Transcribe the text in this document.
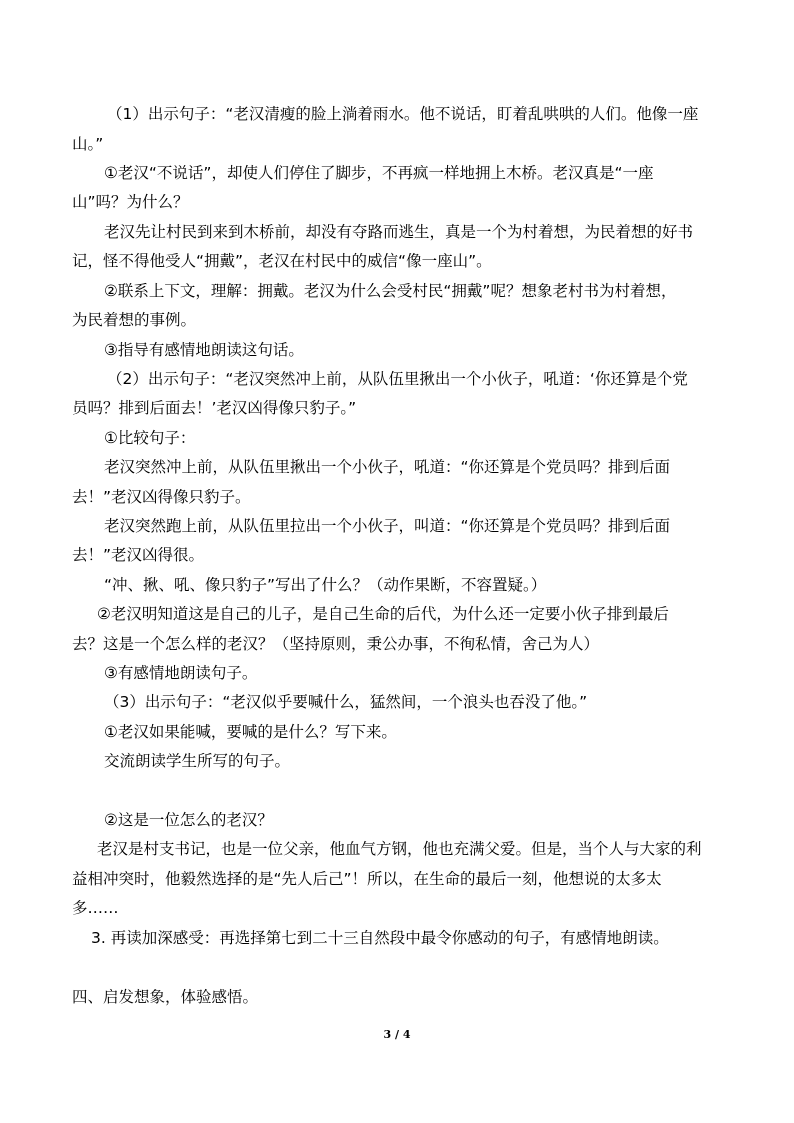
（1）出示句子：“老汉清瘦的脸上淌着雨水。他不说话，盯着乱哄哄的人们。他像一座
山。”
①老汉“不说话”，却使人们停住了脚步，不再疯一样地拥上木桥。老汉真是“一座
山”吗？为什么？
老汉先让村民到来到木桥前，却没有夺路而逃生，真是一个为村着想，为民着想的好书
记，怪不得他受人“拥戴”，老汉在村民中的威信“像一座山”。
②联系上下文，理解：拥戴。老汉为什么会受村民“拥戴”呢？想象老村书为村着想，
为民着想的事例。
③指导有感情地朗读这句话。
（2）出示句子：“老汉突然冲上前，从队伍里揪出一个小伙子，吼道：‘你还算是个党
员吗？排到后面去！’老汉凶得像只豹子。”
①比较句子：
老汉突然冲上前，从队伍里揪出一个小伙子，吼道：“你还算是个党员吗？排到后面
去！”老汉凶得像只豹子。
老汉突然跑上前，从队伍里拉出一个小伙子，叫道：“你还算是个党员吗？排到后面
去！”老汉凶得很。
“冲、揪、吼、像只豹子”写出了什么？（动作果断，不容置疑。）
②老汉明知道这是自己的儿子，是自己生命的后代，为什么还一定要小伙子排到最后
去？这是一个怎么样的老汉？（坚持原则，秉公办事，不徇私情，舍己为人）
③有感情地朗读句子。
（3）出示句子：“老汉似乎要喊什么，猛然间，一个浪头也吞没了他。”
①老汉如果能喊，要喊的是什么？写下来。
交流朗读学生所写的句子。
②这是一位怎么的老汉？
老汉是村支书记，也是一位父亲，他血气方钢，他也充满父爱。但是，当个人与大家的利
益相冲突时，他毅然选择的是“先人后己”！所以，在生命的最后一刻，他想说的太多太
多……
3. 再读加深感受：再选择第七到二十三自然段中最令你感动的句子，有感情地朗读。
四、启发想象，体验感悟。
3 / 4
